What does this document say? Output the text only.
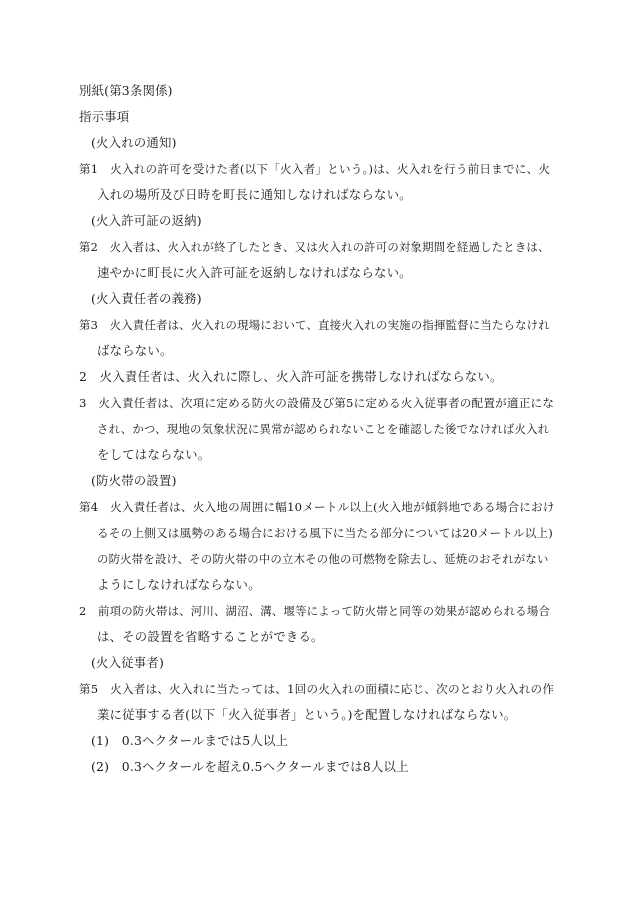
別紙(第3条関係)
指示事項
(火入れの通知)
第1　火入れの許可を受けた者(以下「火入者」という。)は、火入れを行う前日までに、火
入れの場所及び日時を町長に通知しなければならない。
(火入許可証の返納)
第2　火入者は、火入れが終了したとき、又は火入れの許可の対象期間を経過したときは、
速やかに町長に火入許可証を返納しなければならない。
(火入責任者の義務)
第3　火入責任者は、火入れの現場において、直接火入れの実施の指揮監督に当たらなけれ
ばならない。
2　火入責任者は、火入れに際し、火入許可証を携帯しなければならない。
3　火入責任者は、次項に定める防火の設備及び第5に定める火入従事者の配置が適正にな
され、かつ、現地の気象状況に異常が認められないことを確認した後でなければ火入れ
をしてはならない。
(防火帯の設置)
第4　火入責任者は、火入地の周囲に幅10メートル以上(火入地が傾斜地である場合におけ
るその上側又は風勢のある場合における風下に当たる部分については20メートル以上)
の防火帯を設け、その防火帯の中の立木その他の可燃物を除去し、延焼のおそれがない
ようにしなければならない。
2　前項の防火帯は、河川、湖沼、溝、堰等によって防火帯と同等の効果が認められる場合
は、その設置を省略することができる。
(火入従事者)
第5　火入者は、火入れに当たっては、1回の火入れの面積に応じ、次のとおり火入れの作
業に従事する者(以下「火入従事者」という。)を配置しなければならない。
(1)　0.3ヘクタールまでは5人以上
(2)　0.3ヘクタールを超え0.5ヘクタールまでは8人以上
